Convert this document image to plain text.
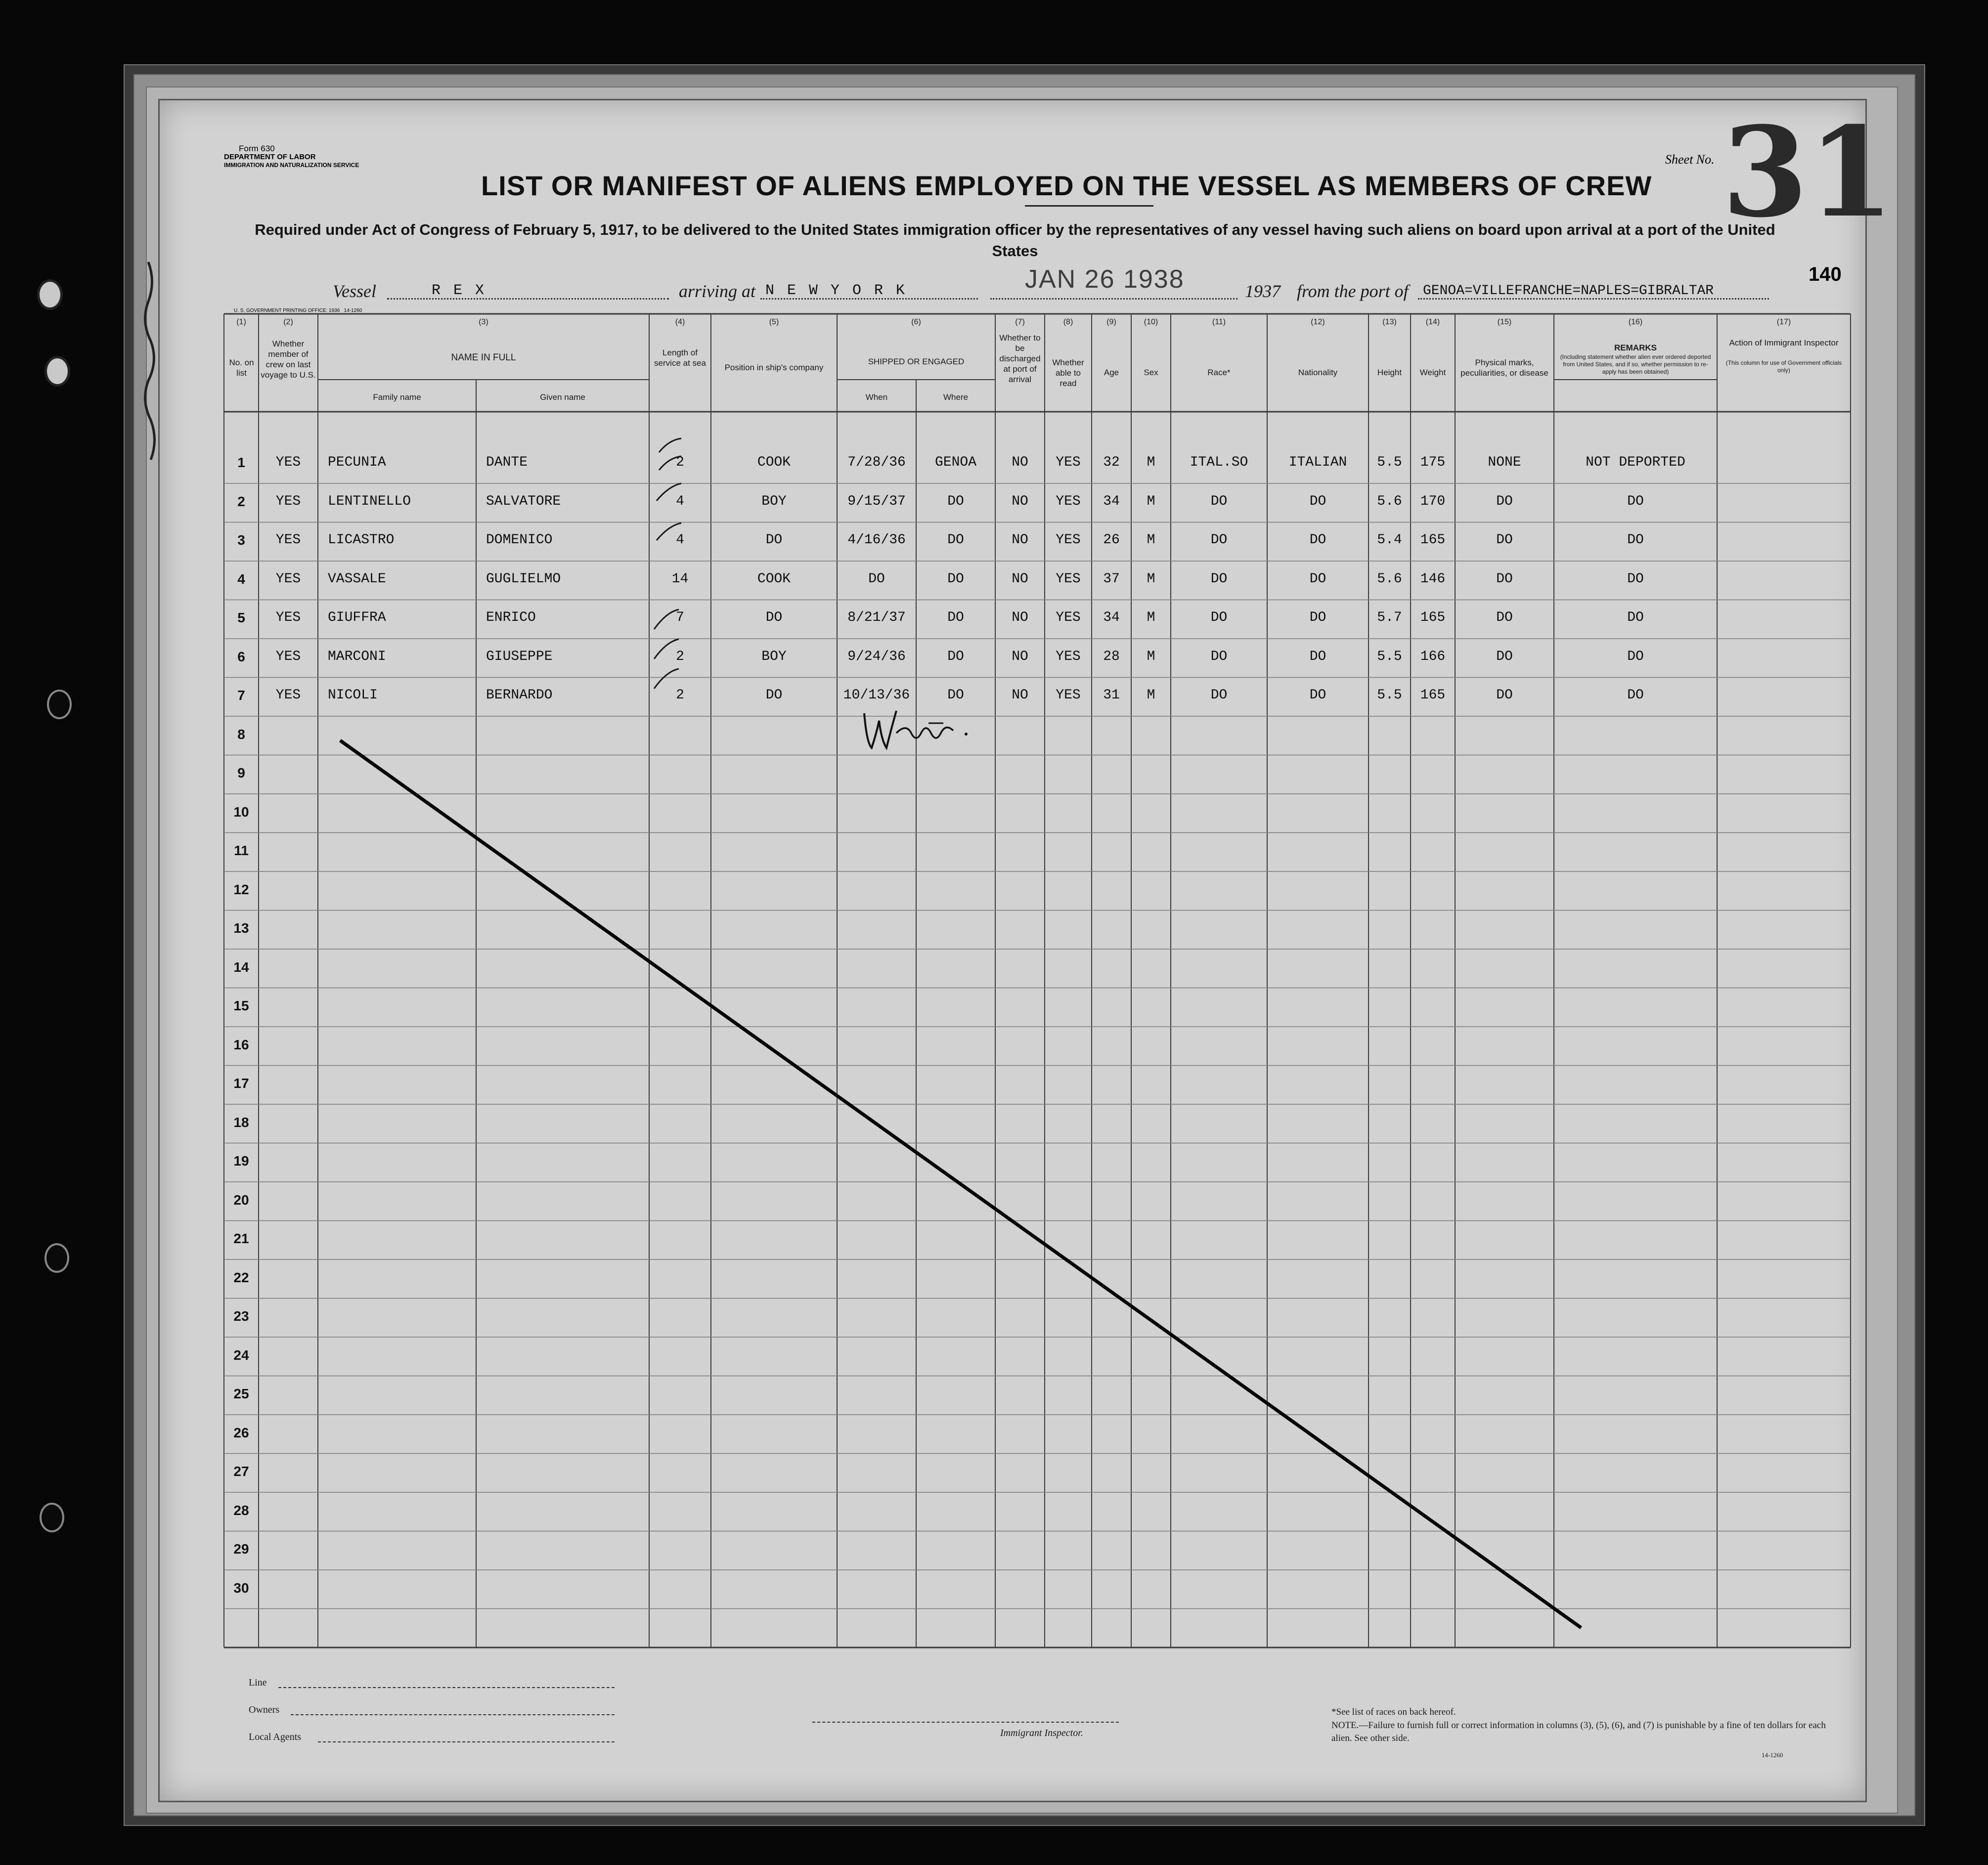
Form 630
DEPARTMENT OF LABOR
IMMIGRATION AND NATURALIZATION SERVICE
LIST OR MANIFEST OF ALIENS EMPLOYED ON THE VESSEL AS MEMBERS OF CREW
Required under Act of Congress of February 5, 1917, to be delivered to the United States immigration officer by the representatives of any vessel having such aliens on board upon arrival at a port of the United States
Sheet No. 31
140
Vessel	R E X	arriving at N E W Y O R K	JAN 26 1938	1937 from the port of GENOA=VILLEFRANCHE=NAPLES=GIBRALTAR
U. S. GOVERNMENT PRINTING OFFICE: 1936 14-1260
(1)
No. on list
(2)
Whether member of crew on last voyage to U.S.
(3)
NAME IN FULL
Family name	Given name
(4)
Length of service at sea
(5)
Position in ship's company
(6)
SHIPPED OR ENGAGED
When	Where
(7)
Whether to be discharged at port of arrival
(8)
Whether able to read
(9)
Age
(10)
Sex
(11)
Race*
(12)
Nationality
(13)
Height
(14)
Weight
(15)
Physical marks, peculiarities, or disease
(16)
REMARKS
(Including statement whether alien ever ordered deported from United States, and if so, whether permission to re-apply has been obtained)
(17)
Action of Immigrant Inspector
(This column for use of Government officials only)
1	YES	PECUNIA	DANTE	2	COOK	7/28/36	GENOA	NO	YES	32	M	ITAL.SO	ITALIAN	5.5	175	NONE	NOT DEPORTED
2	YES	LENTINELLO	SALVATORE	4	BOY	9/15/37	DO	NO	YES	34	M	DO	DO	5.6	170	DO	DO
3	YES	LICASTRO	DOMENICO	4	DO	4/16/36	DO	NO	YES	26	M	DO	DO	5.4	165	DO	DO
4	YES	VASSALE	GUGLIELMO	14	COOK	DO	DO	NO	YES	37	M	DO	DO	5.6	146	DO	DO
5	YES	GIUFFRA	ENRICO	7	DO	8/21/37	DO	NO	YES	34	M	DO	DO	5.7	165	DO	DO
6	YES	MARCONI	GIUSEPPE	2	BOY	9/24/36	DO	NO	YES	28	M	DO	DO	5.5	166	DO	DO
7	YES	NICOLI	BERNARDO	2	DO	10/13/36	DO	NO	YES	31	M	DO	DO	5.5	165	DO	DO
8
9
10
11
12
13
14
15
16
17
18
19
20
21
22
23
24
25
26
27
28
29
30
Line
Owners
Local Agents	Immigrant Inspector.
*See list of races on back hereof.
NOTE.—Failure to furnish full or correct information in columns (3), (5), (6), and (7) is punishable by a fine of ten dollars for each alien. See other side.
14-1260
